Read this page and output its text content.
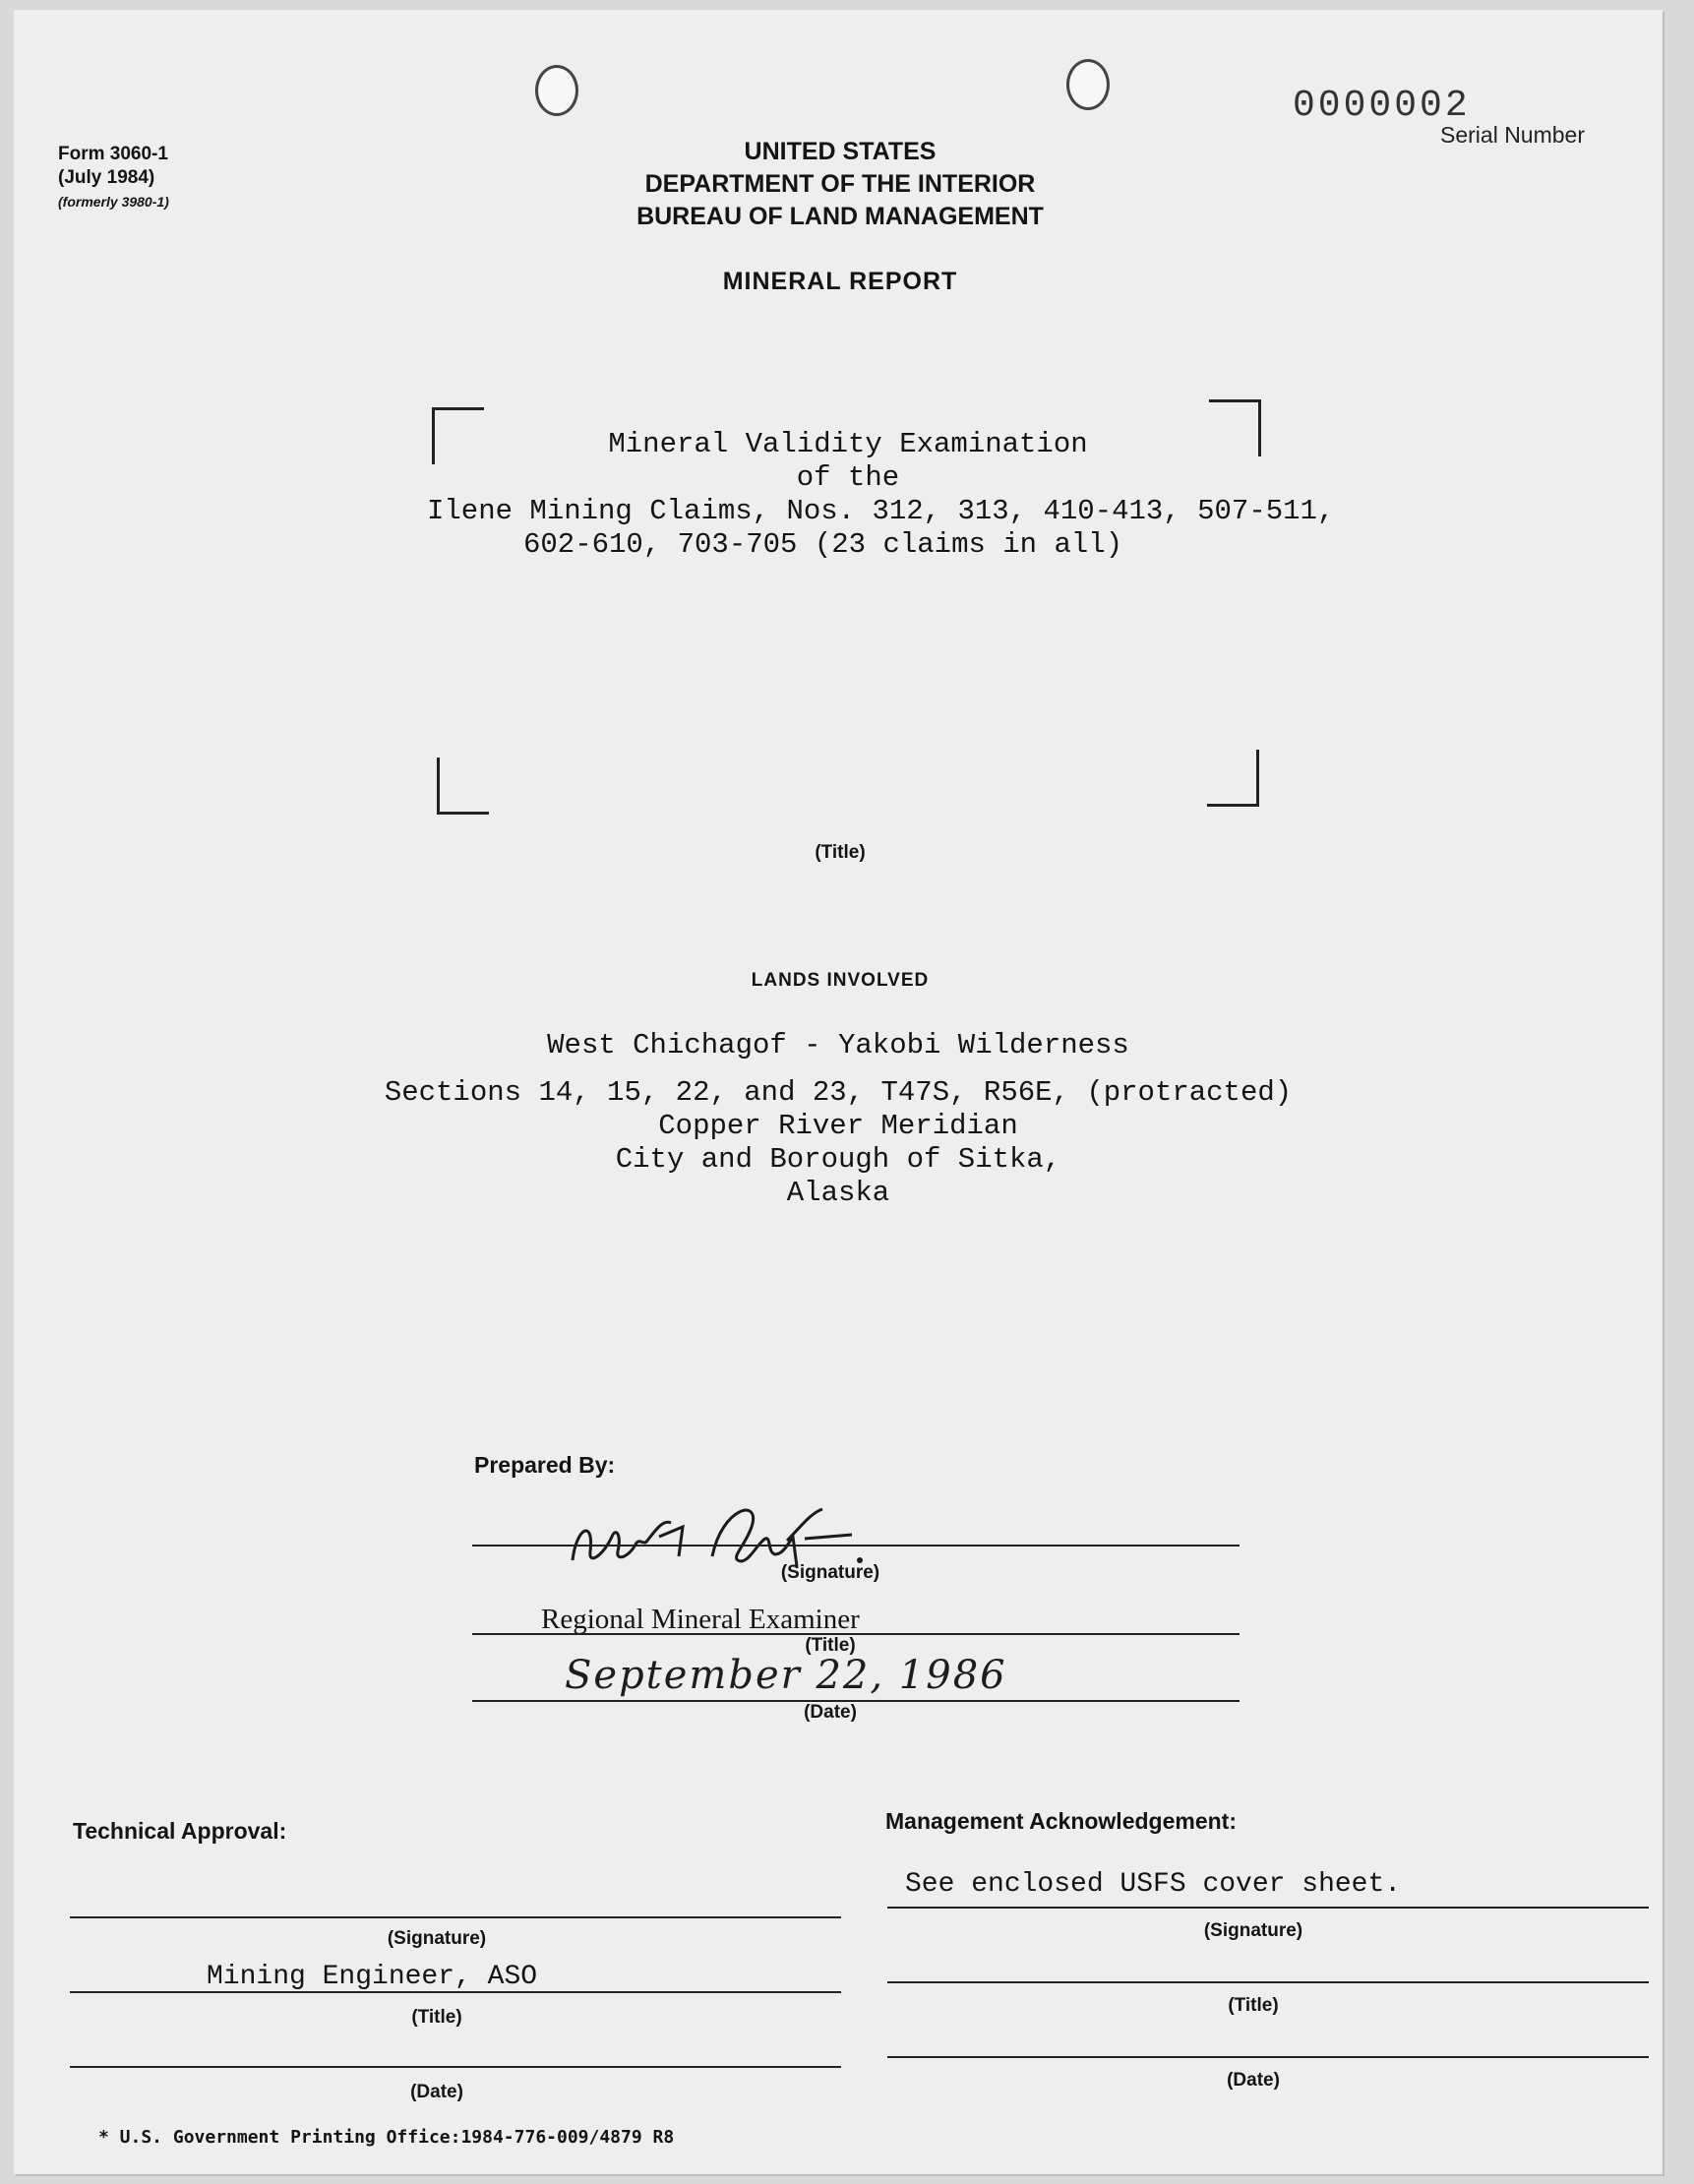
Form 3060-1
(July 1984)
(formerly 3980-1)
0000002
Serial Number
UNITED STATES
DEPARTMENT OF THE INTERIOR
BUREAU OF LAND MANAGEMENT
MINERAL REPORT
Mineral Validity Examination
of the
Ilene Mining Claims, Nos. 312, 313, 410-413, 507-511,
602-610, 703-705 (23 claims in all)
(Title)
LANDS INVOLVED
West Chichagof - Yakobi Wilderness
Sections 14, 15, 22, and 23, T47S, R56E, (protracted)
Copper River Meridian
City and Borough of Sitka,
Alaska
Prepared By:
(Signature)
Regional Mineral Examiner
(Title)
September 22, 1986
(Date)
Technical Approval:
(Signature)
Mining Engineer, ASO
(Title)
(Date)
Management Acknowledgement:
See enclosed USFS cover sheet.
(Signature)
(Title)
(Date)
* U.S. Government Printing Office:1984-776-009/4879 R8
